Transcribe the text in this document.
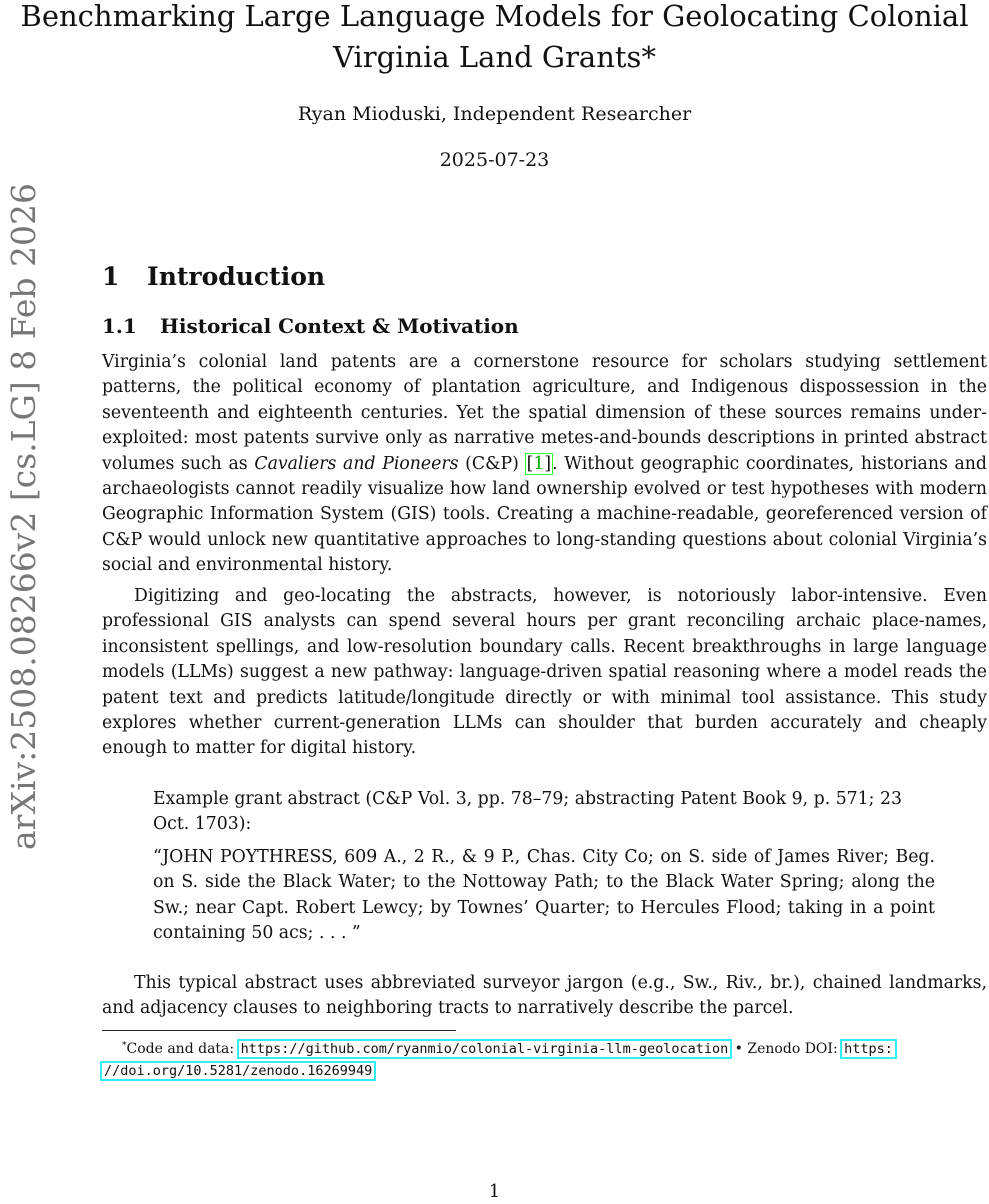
Benchmarking Large Language Models for Geolocating Colonial
Virginia Land Grants*
Ryan Mioduski, Independent Researcher
2025-07-23
arXiv:2508.08266v2 [cs.LG] 8 Feb 2026 1 Introduction
1.1 Historical Context & Motivation

Virginia’s colonial land patents are a cornerstone resource for scholars studying settlement patterns, the political economy of plantation agriculture, and Indigenous dispossession in the seventeenth and eighteenth centuries. Yet the spatial dimension of these sources remains under-exploited: most patents survive only as narrative metes-and-bounds descriptions in printed abstract volumes such as Cavaliers and Pioneers (C&P) [1]. Without geographic coordinates, historians and archaeologists cannot readily visualize how land ownership evolved or test hypotheses with modern Geographic Information System (GIS) tools. Creating a machine-readable, georeferenced version of C&P would unlock new quantitative approaches to long-standing questions about colonial Virginia’s social and environmental history.

Digitizing and geo-locating the abstracts, however, is notoriously labor-intensive. Even professional GIS analysts can spend several hours per grant reconciling archaic place-names, inconsistent spellings, and low-resolution boundary calls. Recent breakthroughs in large language models (LLMs) suggest a new pathway: language-driven spatial reasoning where a model reads the patent text and predicts latitude/longitude directly or with minimal tool assistance. This study explores whether current-generation LLMs can shoulder that burden accurately and cheaply enough to matter for digital history.

Example grant abstract (C&P Vol. 3, pp. 78–79; abstracting Patent Book 9, p. 571; 23 Oct. 1703):

“JOHN POYTHRESS, 609 A., 2 R., & 9 P., Chas. City Co; on S. side of James River; Beg. on S. side the Black Water; to the Nottoway Path; to the Black Water Spring; along the Sw.; near Capt. Robert Lewcy; by Townes’ Quarter; to Hercules Flood; taking in a point containing 50 acs; . . . ”

This typical abstract uses abbreviated surveyor jargon (e.g., Sw., Riv., br.), chained landmarks, and adjacency clauses to neighboring tracts to narratively describe the parcel.

*Code and data: https://github.com/ryanmio/colonial-virginia-llm-geolocation • Zenodo DOI: https:
//doi.org/10.5281/zenodo.16269949

1
